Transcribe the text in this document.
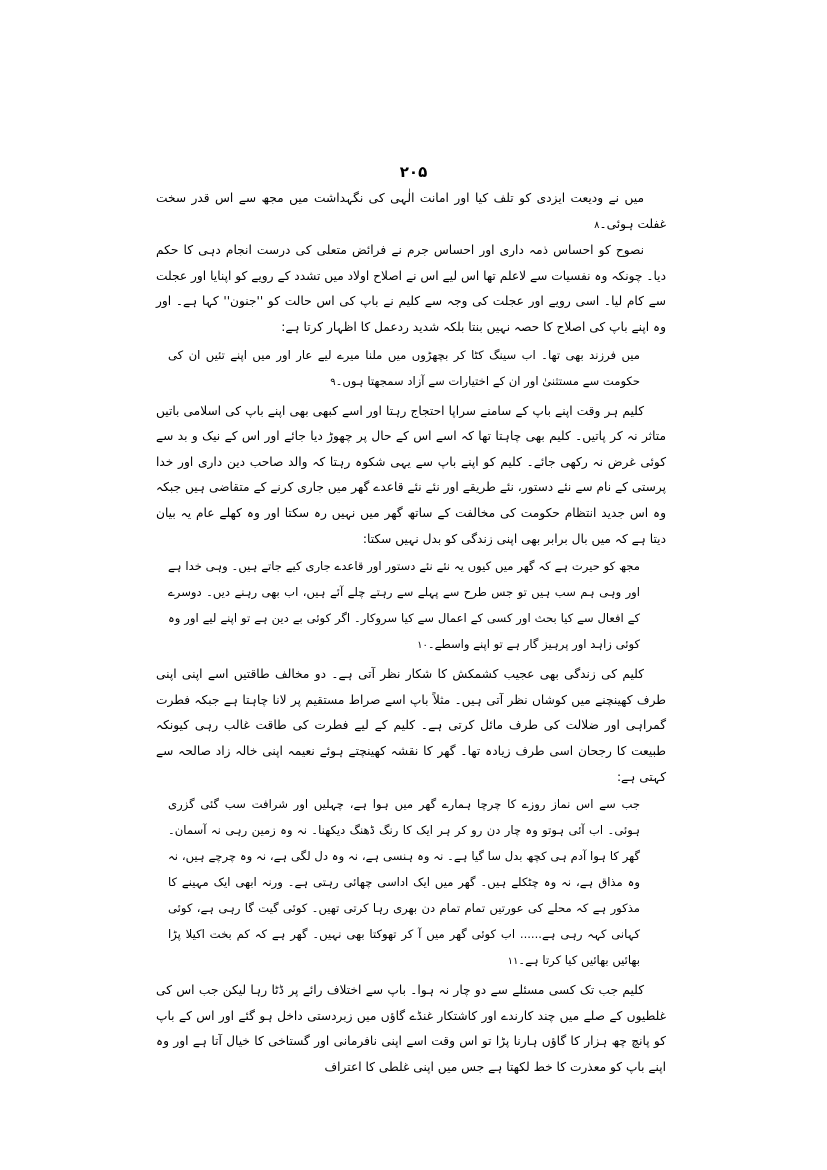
۲۰۵

میں نے ودیعت ایزدی کو تلف کیا اور امانت الٰہی کی نگہداشت میں مجھ سے اس قدر سخت غفلت ہوئی۔۸

نصوح کو احساس ذمہ داری اور احساس جرم نے فرائض متعلی کی درست انجام دہی کا حکم دیا۔ چونکہ وہ نفسیات سے لاعلم تھا اس لیے اس نے اصلاح اولاد میں تشدد کے رویے کو اپنایا اور عجلت سے کام لیا۔ اسی رویے اور عجلت کی وجہ سے کلیم نے باپ کی اس حالت کو ''جنون'' کہا ہے۔ اور وہ اپنے باپ کی اصلاح کا حصہ نہیں بنتا بلکہ شدید ردعمل کا اظہار کرتا ہے:

میں فرزند بھی تھا۔ اب سینگ کٹا کر بچھڑوں میں ملنا میرے لیے عار اور میں اپنے تئیں ان کی حکومت سے مستثنیٰ اور ان کے اختیارات سے آزاد سمجھتا ہوں۔۹

کلیم ہر وقت اپنے باپ کے سامنے سراپا احتجاج رہتا اور اسے کبھی بھی اپنے باپ کی اسلامی باتیں متاثر نہ کر پاتیں۔ کلیم بھی چاہتا تھا کہ اسے اس کے حال پر چھوڑ دیا جائے اور اس کے نیک و بد سے کوئی غرض نہ رکھی جائے۔ کلیم کو اپنے باپ سے یہی شکوہ رہتا کہ والد صاحب دین داری اور خدا پرستی کے نام سے نئے دستور، نئے طریقے اور نئے نئے قاعدے گھر میں جاری کرنے کے متقاضی ہیں جبکہ وہ اس جدید انتظام حکومت کی مخالفت کے ساتھ گھر میں نہیں رہ سکتا اور وہ کھلے عام یہ بیان دیتا ہے کہ میں بال برابر بھی اپنی زندگی کو بدل نہیں سکتا:

مجھ کو حیرت ہے کہ گھر میں کیوں یہ نئے نئے دستور اور قاعدے جاری کیے جاتے ہیں۔ وہی خدا ہے اور وہی ہم سب ہیں تو جس طرح سے پہلے سے رہتے چلے آئے ہیں، اب بھی رہنے دیں۔ دوسرے کے افعال سے کیا بحث اور کسی کے اعمال سے کیا سروکار۔ اگر کوئی بے دین ہے تو اپنے لیے اور وہ کوئی زاہد اور پرہیز گار ہے تو اپنے واسطے۔۱۰

کلیم کی زندگی بھی عجیب کشمکش کا شکار نظر آتی ہے۔ دو مخالف طاقتیں اسے اپنی اپنی طرف کھینچنے میں کوشاں نظر آتی ہیں۔ مثلاً باپ اسے صراط مستقیم پر لانا چاہتا ہے جبکہ فطرت گمراہی اور ضلالت کی طرف مائل کرتی ہے۔ کلیم کے لیے فطرت کی طاقت غالب رہی کیونکہ طبیعت کا رجحان اسی طرف زیادہ تھا۔ گھر کا نقشہ کھینچتے ہوئے نعیمہ اپنی خالہ زاد صالحہ سے کہتی ہے:

جب سے اس نماز روزے کا چرچا ہمارے گھر میں ہوا ہے، چہلیں اور شرافت سب گئی گزری ہوئی۔ اب آئی ہوتو وہ چار دن رو کر ہر ایک کا رنگ ڈھنگ دیکھنا۔ نہ وہ زمین رہی نہ آسمان۔ گھر کا ہوا آدم ہی کچھ بدل سا گیا ہے۔ نہ وہ ہنسی ہے، نہ وہ دل لگی ہے، نہ وہ چرچے ہیں، نہ وہ مذاق ہے، نہ وہ چٹکلے ہیں۔ گھر میں ایک اداسی چھائی رہتی ہے۔ ورنہ ابھی ایک مہینے کا مذکور ہے کہ محلے کی عورتیں تمام تمام دن بھری رہا کرتی تھیں۔ کوئی گیت گا رہی ہے، کوئی کہانی کہہ رہی ہے...... اب کوئی گھر میں آ کر تھوکتا بھی نہیں۔ گھر ہے کہ کم بخت اکیلا پڑا بھائیں بھائیں کیا کرتا ہے۔۱۱

کلیم جب تک کسی مسئلے سے دو چار نہ ہوا۔ باپ سے اختلاف رائے پر ڈٹا رہا لیکن جب اس کی غلطیوں کے صلے میں چند کارندے اور کاشتکار غنڈے گاؤں میں زبردستی داخل ہو گئے اور اس کے باپ کو پانچ چھ ہزار کا گاؤں ہارنا پڑا تو اس وقت اسے اپنی نافرمانی اور گستاخی کا خیال آتا ہے اور وہ اپنے باپ کو معذرت کا خط لکھتا ہے جس میں اپنی غلطی کا اعتراف
